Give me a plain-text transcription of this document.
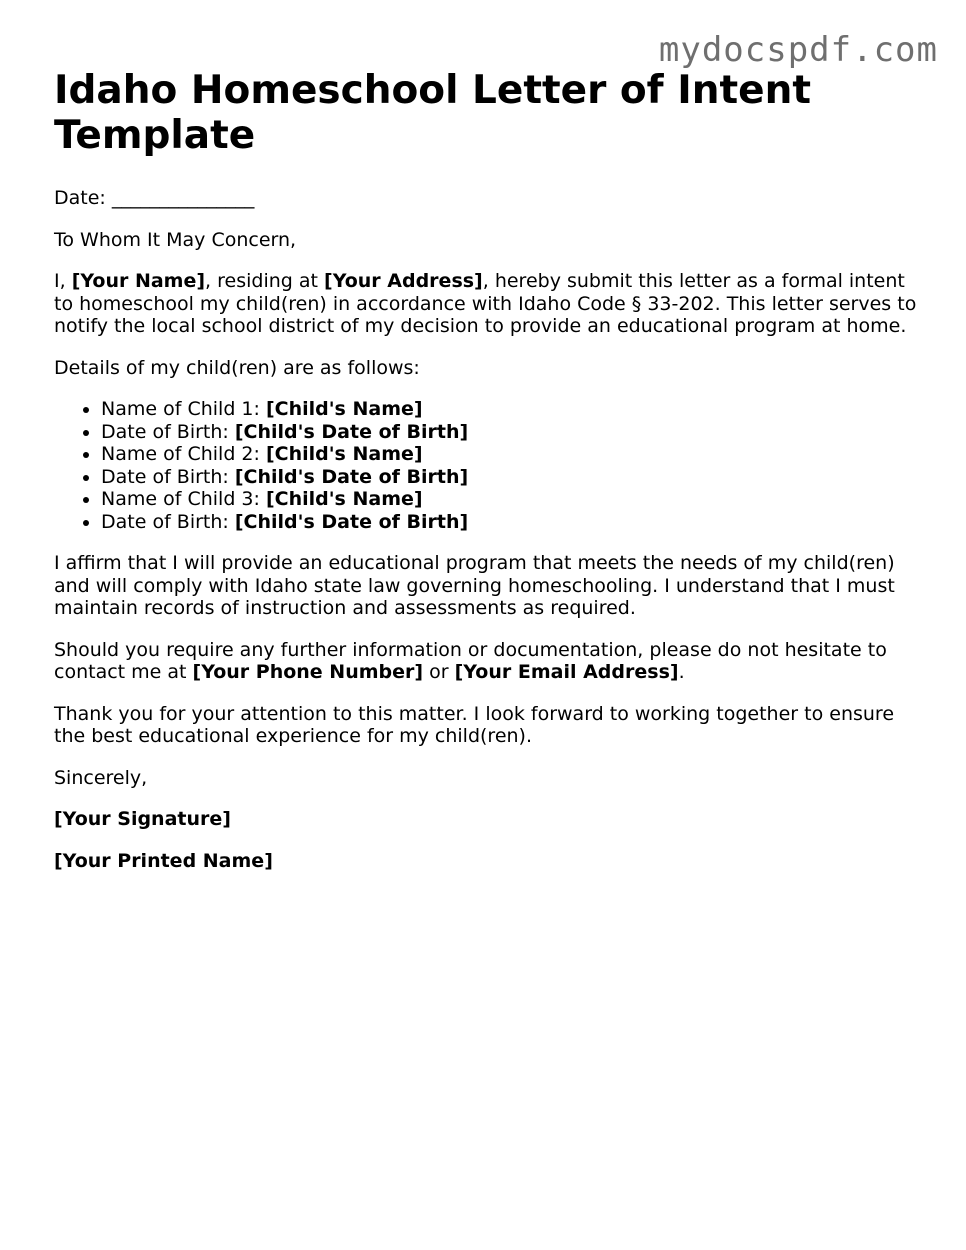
mydocspdf.com
Idaho Homeschool Letter of Intent Template

Date: _______________

To Whom It May Concern,

I, [Your Name], residing at [Your Address], hereby submit this letter as a formal intent to homeschool my child(ren) in accordance with Idaho Code § 33-202. This letter serves to notify the local school district of my decision to provide an educational program at home.

Details of my child(ren) are as follows:

• Name of Child 1: [Child's Name]
• Date of Birth: [Child's Date of Birth]
• Name of Child 2: [Child's Name]
• Date of Birth: [Child's Date of Birth]
• Name of Child 3: [Child's Name]
• Date of Birth: [Child's Date of Birth]

I affirm that I will provide an educational program that meets the needs of my child(ren) and will comply with Idaho state law governing homeschooling. I understand that I must maintain records of instruction and assessments as required.

Should you require any further information or documentation, please do not hesitate to contact me at [Your Phone Number] or [Your Email Address].

Thank you for your attention to this matter. I look forward to working together to ensure the best educational experience for my child(ren).

Sincerely,

[Your Signature]

[Your Printed Name]
